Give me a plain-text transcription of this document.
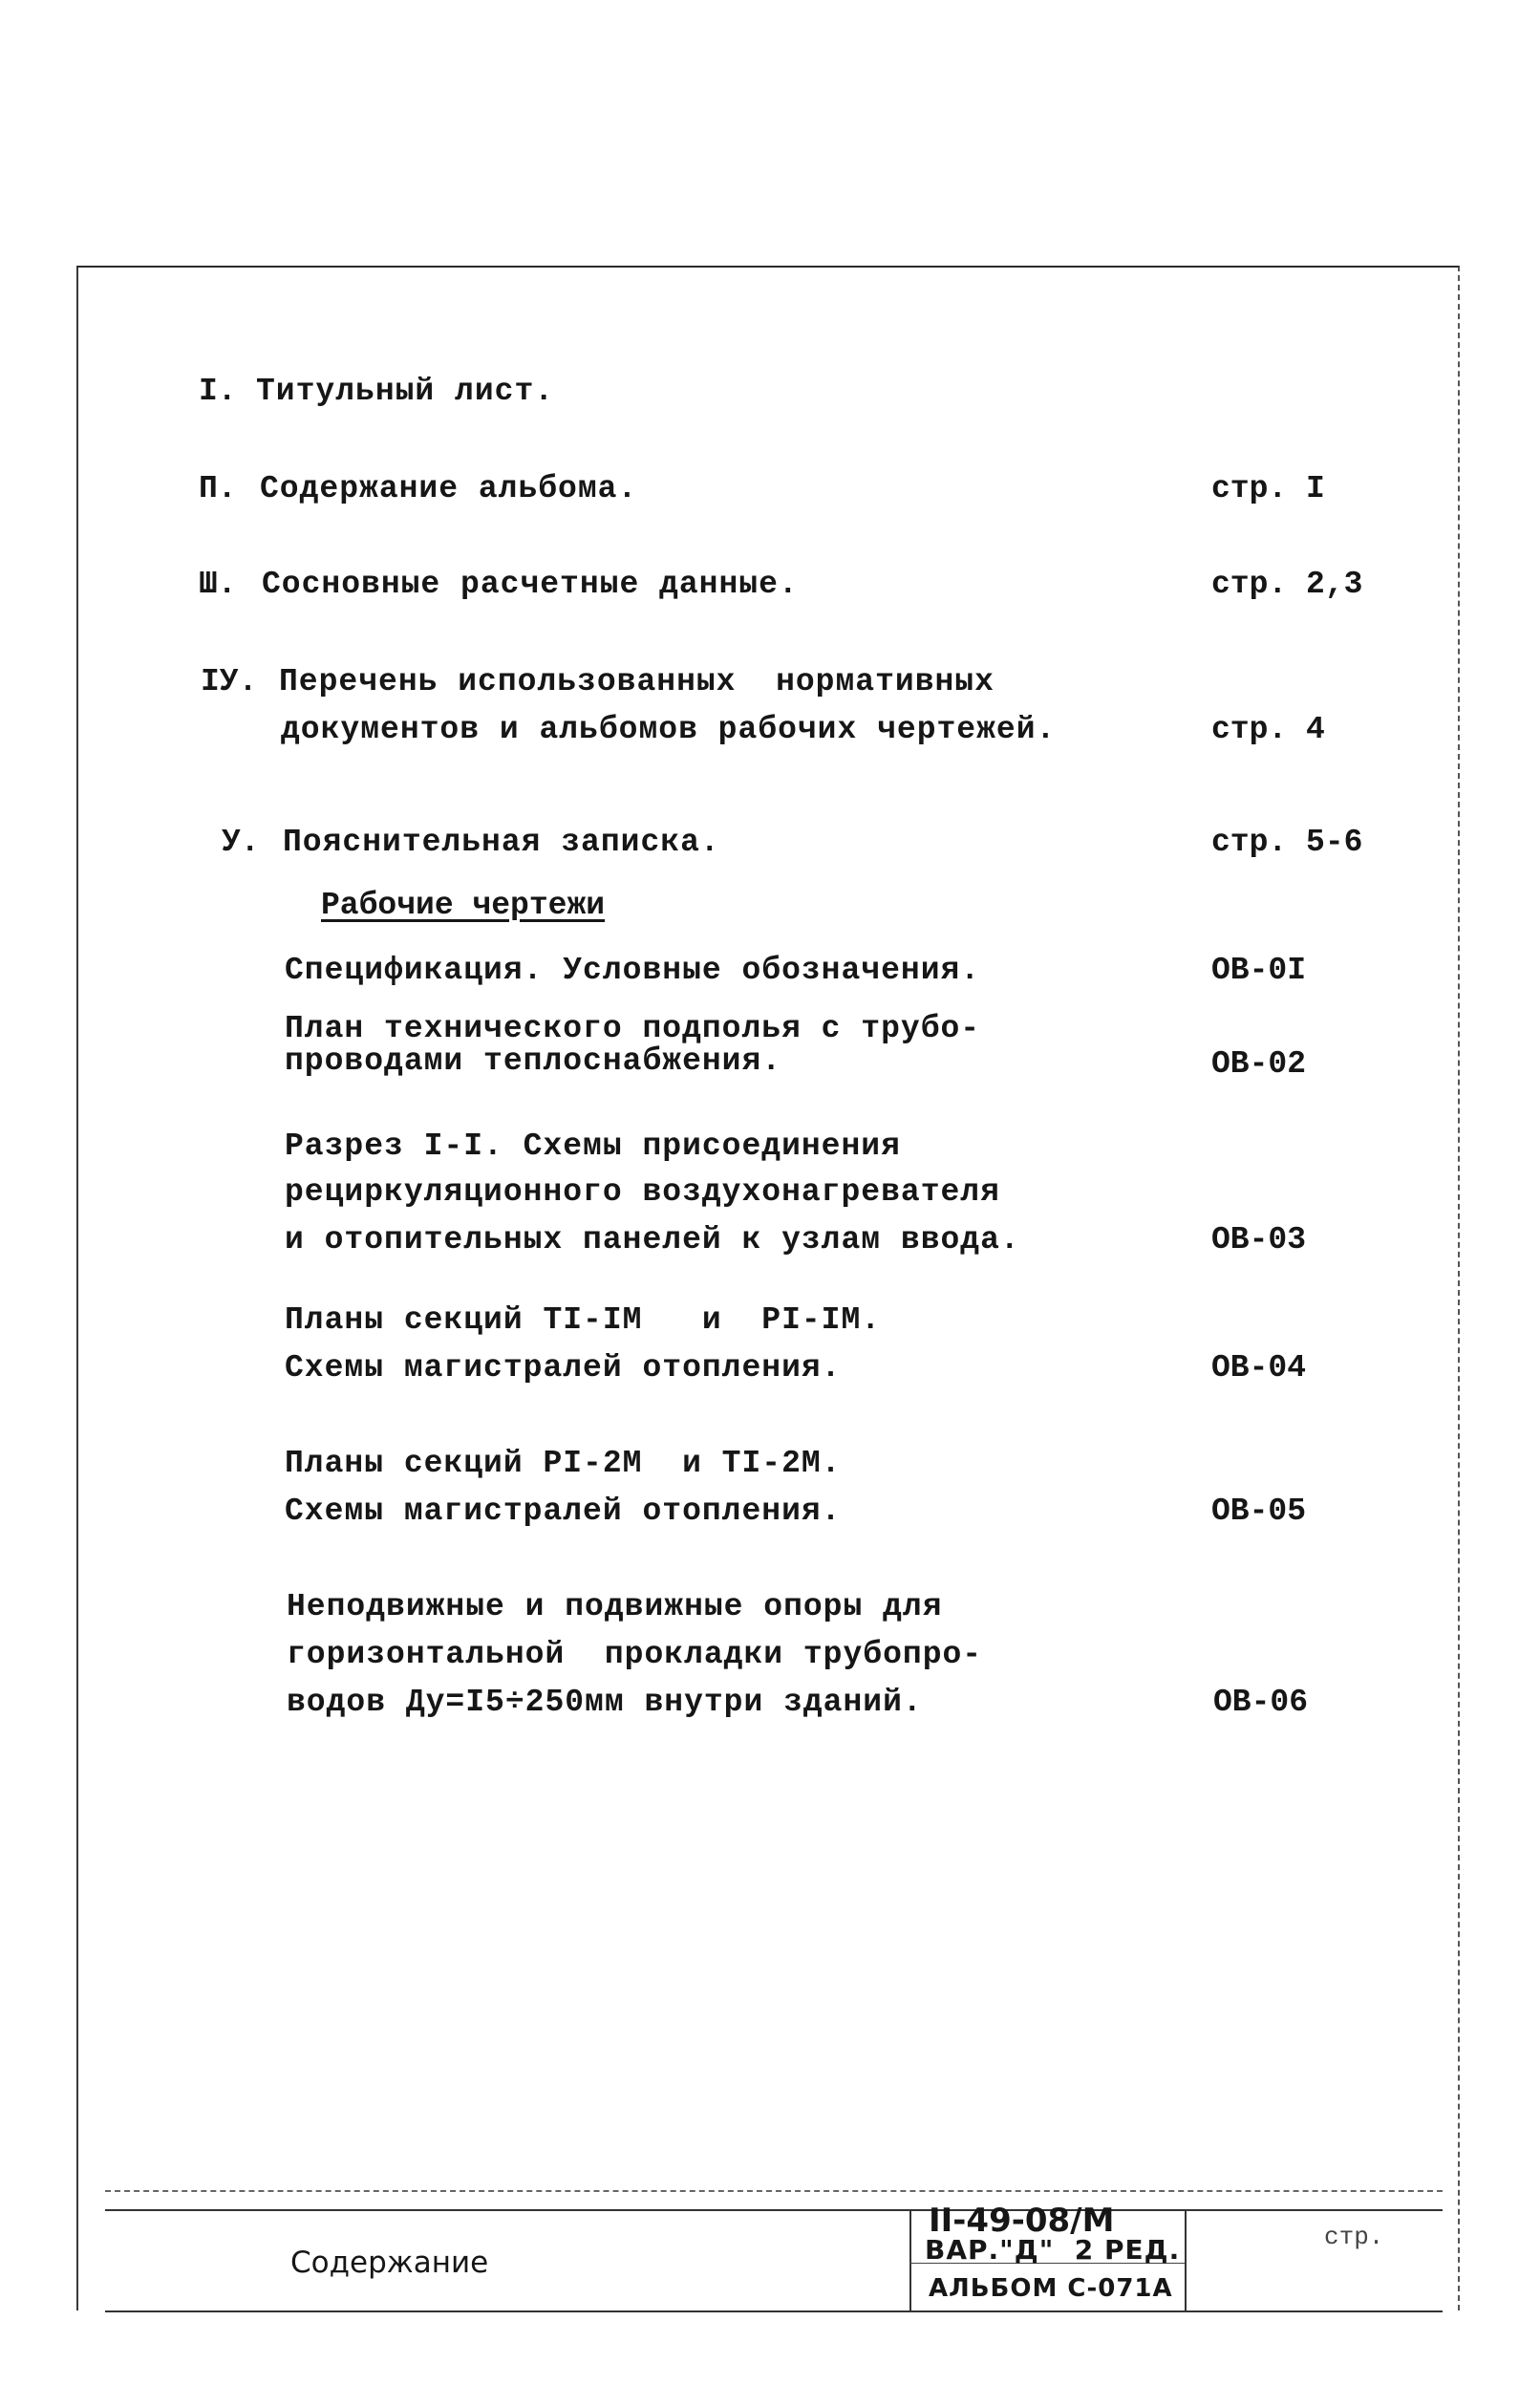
I. Титульный лист.
П. Содержание альбома.	стр. I
Ш. Сосновные расчетные данные.	стр. 2,3
IУ. Перечень использованных  нормативных
документов и альбомов рабочих чертежей.	стр. 4
У. Пояснительная записка.	стр. 5-6
Рабочие чертежи
Спецификация. Условные обозначения.	ОВ-0I
План технического подполья с трубо-
проводами теплоснабжения.	ОВ-02
Разрез I-I. Схемы присоединения
рециркуляционного воздухонагревателя
и отопительных панелей к узлам ввода.	ОВ-03
Планы секций ТI-IМ   и  РI-IМ.
Схемы магистралей отопления.	ОВ-04
Планы секций РI-2М  и ТI-2М.
Схемы магистралей отопления.	ОВ-05
Неподвижные и подвижные опоры для
горизонтальной  прокладки трубопро-
водов Ду=I5÷250мм внутри зданий.	ОВ-06
Содержание
II-49-08/М
ВАР."Д"  2 РЕД.
АЛЬБОМ С-071А
стр.
